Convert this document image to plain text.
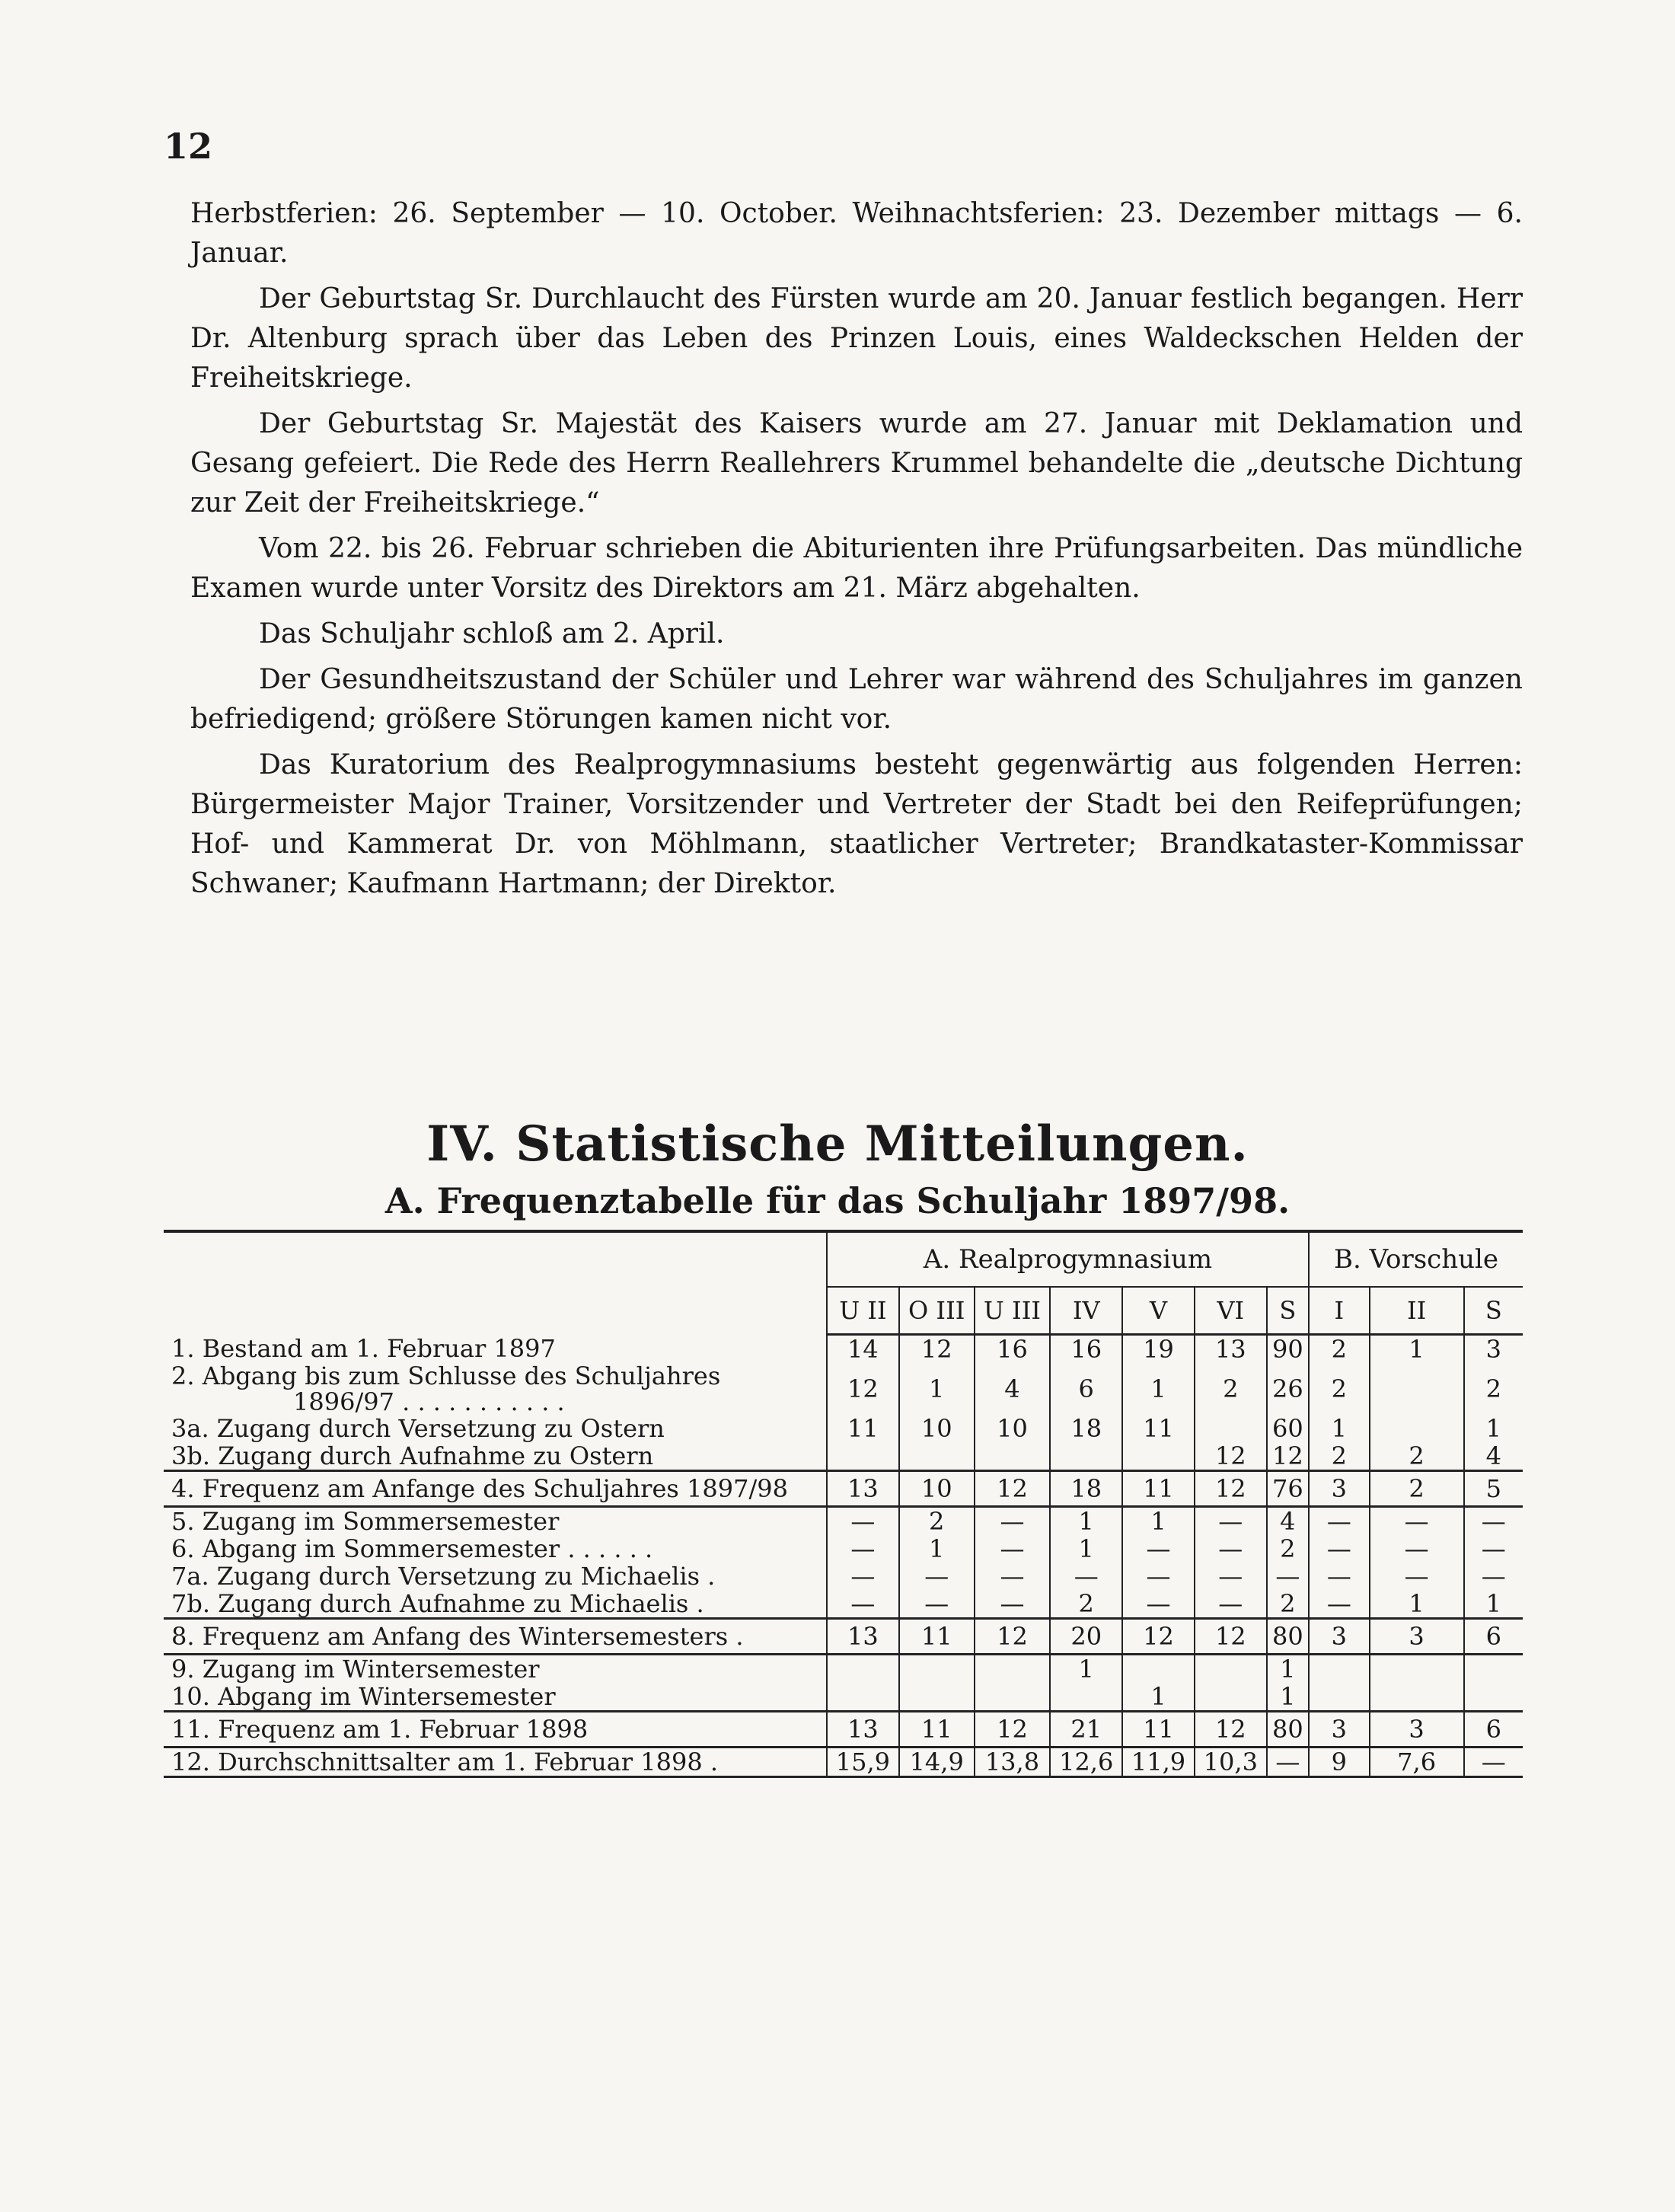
12

Herbstferien: 26. September — 10. October. Weihnachtsferien: 23. Dezember mittags — 6. Januar.

Der Geburtstag Sr. Durchlaucht des Fürsten wurde am 20. Januar festlich begangen. Herr Dr. Altenburg sprach über das Leben des Prinzen Louis, eines Waldeckschen Helden der Freiheitskriege.

Der Geburtstag Sr. Majestät des Kaisers wurde am 27. Januar mit Deklamation und Gesang gefeiert. Die Rede des Herrn Reallehrers Krummel behandelte die „deutsche Dichtung zur Zeit der Freiheitskriege.“

Vom 22. bis 26. Februar schrieben die Abiturienten ihre Prüfungsarbeiten. Das mündliche Examen wurde unter Vorsitz des Direktors am 21. März abgehalten.

Das Schuljahr schloß am 2. April.

Der Gesundheitszustand der Schüler und Lehrer war während des Schuljahres im ganzen befriedigend; größere Störungen kamen nicht vor.

Das Kuratorium des Realprogymnasiums besteht gegenwärtig aus folgenden Herren: Bürgermeister Major Trainer, Vorsitzender und Vertreter der Stadt bei den Reifeprüfungen; Hof- und Kammerat Dr. von Möhlmann, staatlicher Vertreter; Brandkataster-Kommissar Schwaner; Kaufmann Hartmann; der Direktor.

IV. Statistische Mitteilungen.
A. Frequenztabelle für das Schuljahr 1897/98.
	A. Realprogymnasium							B. Vorschule		
	U II	O III	U III	IV	V	VI	S	I	II	S
1. Bestand am 1. Februar 1897	14	12	16	16	19	13	90	2	1	3
2. Abgang bis zum Schlusse des Schuljahres
1896/97 . . . . . . . . . . .	12	1	4	6	1	2	26	2		2
3a. Zugang durch Versetzung zu Ostern	11	10	10	18	11		60	1		1
3b. Zugang durch Aufnahme zu Ostern						12	12	2	2	4
4. Frequenz am Anfange des Schuljahres 1897/98	13	10	12	18	11	12	76	3	2	5
5. Zugang im Sommersemester	—	2	—	1	1	—	4	—	—	—
6. Abgang im Sommersemester . . . . . .	—	1	—	1	—	—	2	—	—	—
7a. Zugang durch Versetzung zu Michaelis .	—	—	—	—	—	—	—	—	—	—
7b. Zugang durch Aufnahme zu Michaelis .	—	—	—	2	—	—	2	—	1	1
8. Frequenz am Anfang des Wintersemesters .	13	11	12	20	12	12	80	3	3	6
9. Zugang im Wintersemester				1			1			
10. Abgang im Wintersemester					1		1			
11. Frequenz am 1. Februar 1898	13	11	12	21	11	12	80	3	3	6
12. Durchschnittsalter am 1. Februar 1898 .	15,9	14,9	13,8	12,6	11,9	10,3	—	9	7,6	—
